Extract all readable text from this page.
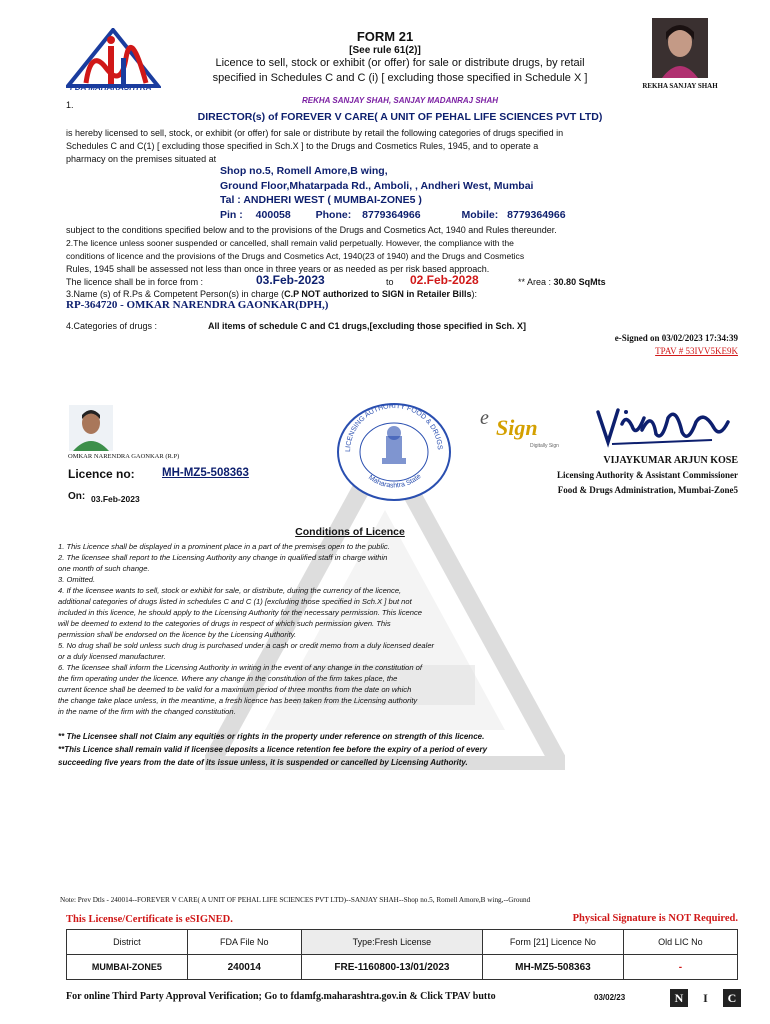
FDA MAHARASHTRA
FORM 21
[See rule 61(2)]
Licence to sell, stock or exhibit (or offer) for sale or distribute drugs, by retail
specified in Schedules C and C (i) [ excluding those specified in Schedule X ]
REKHA SANJAY SHAH
1.	REKHA SANJAY SHAH, SANJAY MADANRAJ SHAH
DIRECTOR(s) of FOREVER V CARE( A UNIT OF PEHAL LIFE SCIENCES PVT LTD)
is hereby licensed to sell, stock, or exhibit (or offer) for sale or distribute by retail the following categories of drugs specified in
Schedules C and C(1) [ excluding those specified in Sch.X ] to the Drugs and Cosmetics Rules, 1945, and to operate a
pharmacy on the premises situated at
Shop no.5, Romell Amore,B wing,
Ground Floor,Mhatarpada Rd., Amboli, , Andheri West, Mumbai
Tal : ANDHERI WEST ( MUMBAI-ZONE5 )
Pin : 400058 Phone: 8779364966	Mobile: 8779364966
subject to the conditions specified below and to the provisions of the Drugs and Cosmetics Act, 1940 and Rules thereunder.
2.The licence unless sooner suspended or cancelled, shall remain valid perpetually. However, the compliance with the
conditions of licence and the provisions of the Drugs and Cosmetics Act, 1940(23 of 1940) and the Drugs and Cosmetics
Rules, 1945 shall be assessed not less than once in three years or as needed as per risk based approach.
The licence shall be in force from :	03.Feb-2023	to 02.Feb-2028	** Area : 30.80 SqMts
3.Name (s) of R.Ps & Competent Person(s) in charge (C.P NOT authorized to SIGN in Retailer Bills):
RP-364720 - OMKAR NARENDRA GAONKAR(DPH,)
4.Categories of drugs :	All items of schedule C and C1 drugs,[excluding those specified in Sch. X]
e-Signed on 03/02/2023 17:34:39
TPAV # 53IVV5KE9K
OMKAR NARENDRA GAONKAR (R.P)
Licence no: MH-MZ5-508363
On: 03.Feb-2023
LICENSING AUTHORITY FOOD & DRUGS
Maharashtra State
e Sign
Digitally Sign
VIJAYKUMAR ARJUN KOSE
Licensing Authority & Assistant Commissioner
Food & Drugs Administration, Mumbai-Zone5
Conditions of Licence
1. This Licence shall be displayed in a prominent place in a part of the premises open to the public.
2. The licensee shall report to the Licensing Authority any change in qualified staff in charge within
one month of such change.
3. Omitted.
4. If the licensee wants to sell, stock or exhibit for sale, or distribute, during the currency of the licence,
additional categories of drugs listed in schedules C and C (1) [excluding those specified in Sch.X ] but not
included in this licence, he should apply to the Licensing Authority for the necessary permission. This licence
will be deemed to extend to the categories of drugs in respect of which such permission given. This
permission shall be endorsed on the licence by the Licensing Authority.
5. No drug shall be sold unless such drug is purchased under a cash or credit memo from a duly licensed dealer
or a duly licensed manufacturer.
6. The licensee shall inform the Licensing Authority in writing in the event of any change in the constitution of
the firm operating under the licence. Where any change in the constitution of the firm takes place, the
current licence shall be deemed to be valid for a maximum period of three months from the date on which
the change take place unless, in the meantime, a fresh licence has been taken from the Licensing authority
in the name of the firm with the changed constitution.
** The Licensee shall not Claim any equities or rights in the property under reference on strength of this licence.
**This Licence shall remain valid if licensee deposits a licence retention fee before the expiry of a period of every
succeeding five years from the date of its issue unless, it is suspended or cancelled by Licensing Authority.
Note: Prev Dtls - 240014--FOREVER V CARE( A UNIT OF PEHAL LIFE SCIENCES PVT LTD)--SANJAY SHAH--Shop no.5, Romell Amore,B wing,--Ground
This License/Certificate is eSIGNED.	Physical Signature is NOT Required.
District	FDA File No	Type:Fresh License	Form [21] Licence No	Old LIC No
MUMBAI-ZONE5	240014	FRE-1160800-13/01/2023	MH-MZ5-508363	-
For online Third Party Approval Verification; Go to fdamfg.maharashtra.gov.in & Click TPAV butto	03/02/23	N I C
